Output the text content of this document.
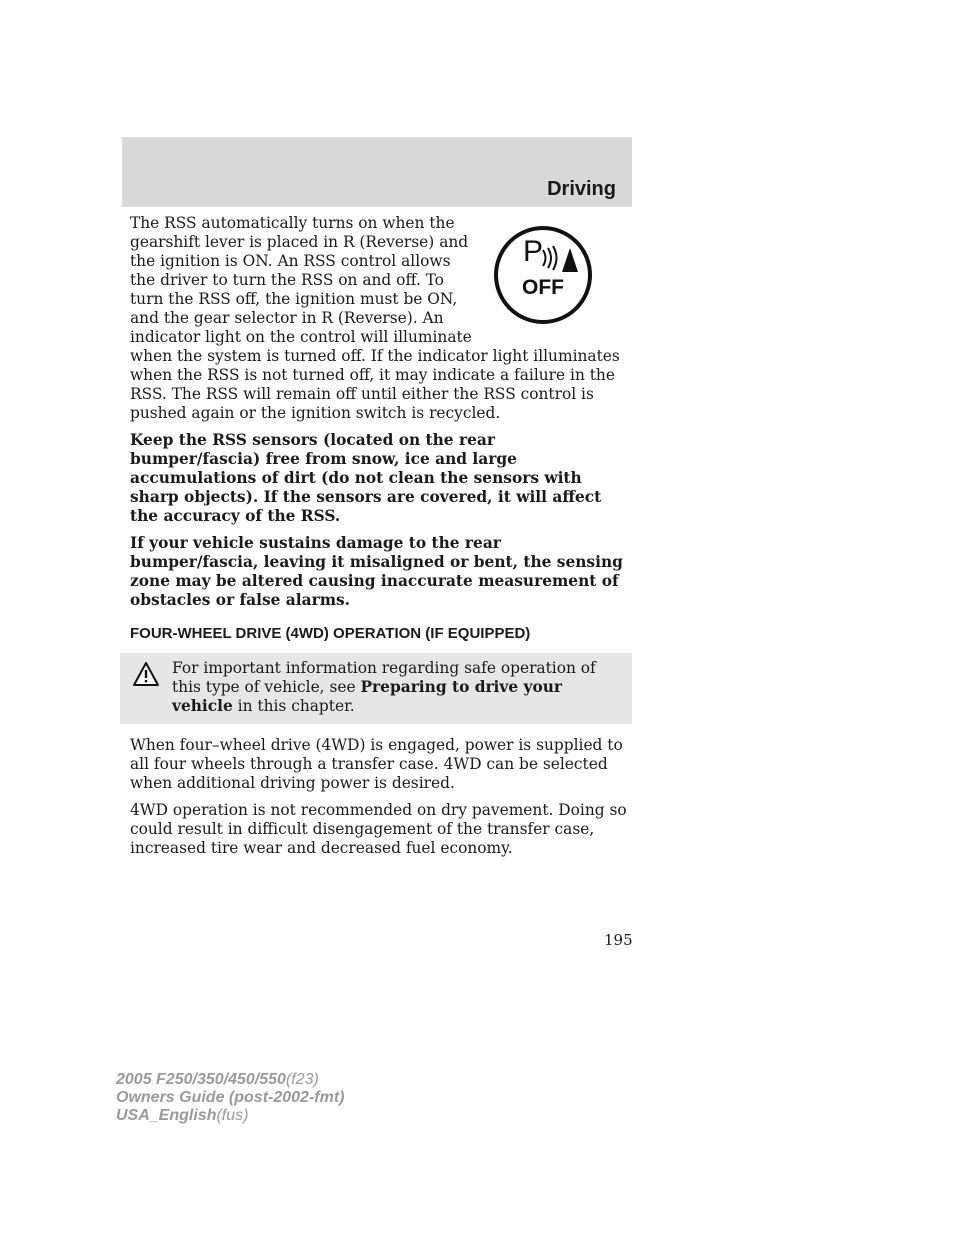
Driving
P
OFF

The RSS automatically turns on when the gearshift lever is placed in R (Reverse) and the ignition is ON. An RSS control allows the driver to turn the RSS on and off. To turn the RSS off, the ignition must be ON, and the gear selector in R (Reverse). An indicator light on the control will illuminate when the system is turned off. If the indicator light illuminates when the RSS is not turned off, it may indicate a failure in the RSS. The RSS will remain off until either the RSS control is pushed again or the ignition switch is recycled.

Keep the RSS sensors (located on the rear bumper/fascia) free from snow, ice and large accumulations of dirt (do not clean the sensors with sharp objects). If the sensors are covered, it will affect the accuracy of the RSS.

If your vehicle sustains damage to the rear bumper/fascia, leaving it misaligned or bent, the sensing zone may be altered causing inaccurate measurement of obstacles or false alarms.

FOUR-WHEEL DRIVE (4WD) OPERATION (IF EQUIPPED)

For important information regarding safe operation of this type of vehicle, see Preparing to drive your vehicle in this chapter.

When four–wheel drive (4WD) is engaged, power is supplied to all four wheels through a transfer case. 4WD can be selected when additional driving power is desired.

4WD operation is not recommended on dry pavement. Doing so could result in difficult disengagement of the transfer case, increased tire wear and decreased fuel economy.

195
2005 F250/350/450/550(f23)
Owners Guide (post-2002-fmt)
USA_English(fus)
